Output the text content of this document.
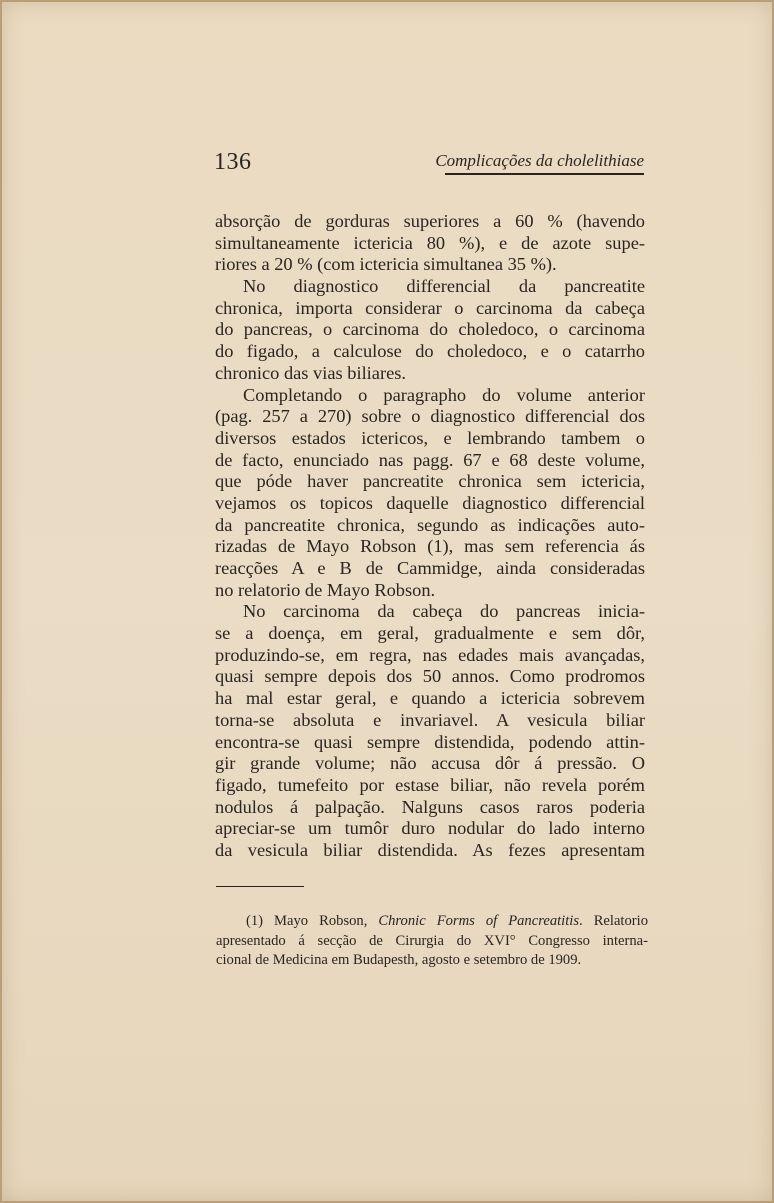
136	Complicações da cholelithiase
absorção de gorduras superiores a 60 % (havendo
simultaneamente ictericia 80 %), e de azote supe-
riores a 20 % (com ictericia simultanea 35 %).
No diagnostico differencial da pancreatite
chronica, importa considerar o carcinoma da cabeça
do pancreas, o carcinoma do choledoco, o carcinoma
do figado, a calculose do choledoco, e o catarrho
chronico das vias biliares.
Completando o paragrapho do volume anterior
(pag. 257 a 270) sobre o diagnostico differencial dos
diversos estados ictericos, e lembrando tambem o
de facto, enunciado nas pagg. 67 e 68 deste volume,
que póde haver pancreatite chronica sem ictericia,
vejamos os topicos daquelle diagnostico differencial
da pancreatite chronica, segundo as indicações auto-
rizadas de Mayo Robson (1), mas sem referencia ás
reacções A e B de Cammidge, ainda consideradas
no relatorio de Mayo Robson.
No carcinoma da cabeça do pancreas inicia-
se a doença, em geral, gradualmente e sem dôr,
produzindo-se, em regra, nas edades mais avançadas,
quasi sempre depois dos 50 annos. Como prodromos
ha mal estar geral, e quando a ictericia sobrevem
torna-se absoluta e invariavel. A vesicula biliar
encontra-se quasi sempre distendida, podendo attin-
gir grande volume; não accusa dôr á pressão. O
figado, tumefeito por estase biliar, não revela porém
nodulos á palpação. Nalguns casos raros poderia
apreciar-se um tumôr duro nodular do lado interno
da vesicula biliar distendida. As fezes apresentam
(1) Mayo Robson, Chronic Forms of Pancreatitis. Relatorio
apresentado á secção de Cirurgia do XVI° Congresso interna-
cional de Medicina em Budapesth, agosto e setembro de 1909.
